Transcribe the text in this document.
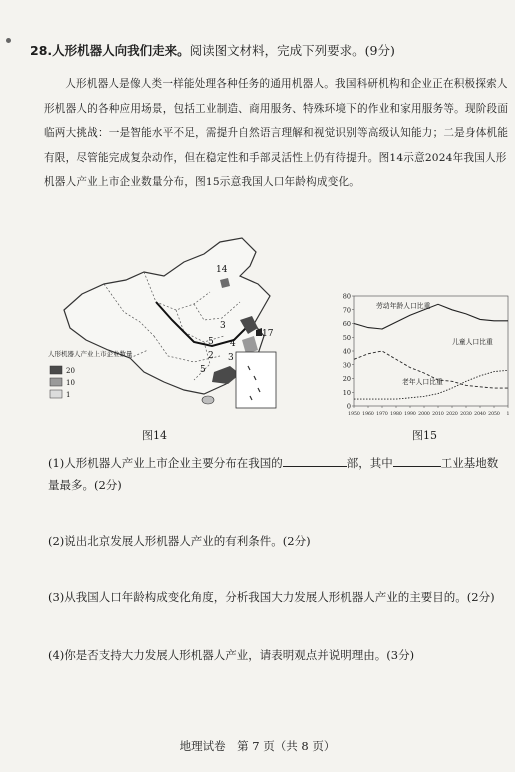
28.人形机器人向我们走来。阅读图文材料，完成下列要求。(9分)
人形机器人是像人类一样能处理各种任务的通用机器人。我国科研机构和企业正在积极探索人形机器人的各种应用场景，包括工业制造、商用服务、特殊环境下的作业和家用服务等。现阶段面临两大挑战：一是智能水平不足，需提升自然语言理解和视觉识别等高级认知能力；二是身体机能有限，尽管能完成复杂动作，但在稳定性和手部灵活性上仍有待提升。图14示意2024年我国人形机器人产业上市企业数量分布，图15示意我国人口年龄构成变化。
14
3
5 4
2 3
17
5
人形机器人产业上市企业数量
20
10
1
图14
80
70
60
50
40
30
20
10
0
1950 1960 1970 1980 1990 2000 2010 2020 2030 2040 2050 1
劳动年龄人口比重
儿童人口比重
老年人口比重
图15
(1)人形机器人产业上市企业主要分布在我国的	部，其中	工业基地数
量最多。(2分)
(2)说出北京发展人形机器人产业的有利条件。(2分)
(3)从我国人口年龄构成变化角度，分析我国大力发展人形机器人产业的主要目的。(2分)
(4)你是否支持大力发展人形机器人产业，请表明观点并说明理由。(3分)
地理试卷　第 7 页（共 8 页）
